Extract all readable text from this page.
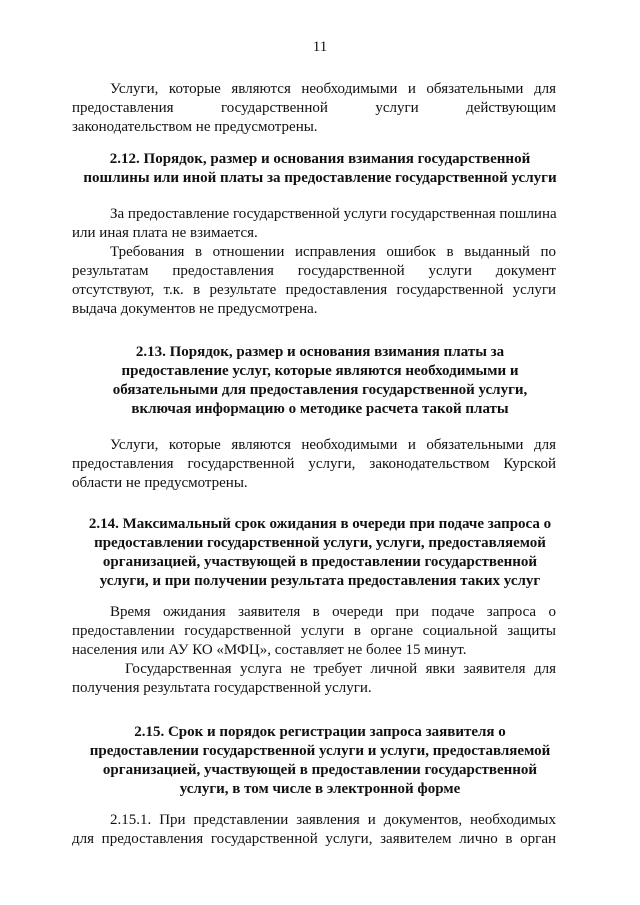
11
Услуги, которые являются необходимыми и обязательными для
предоставления государственной услуги действующим
законодательством не предусмотрены.
2.12. Порядок, размер и основания взимания государственной
пошлины или иной платы за предоставление государственной услуги
За предоставление государственной услуги государственная пошлина
или иная плата не взимается.
Требования в отношении исправления ошибок в выданный по
результатам предоставления государственной услуги документ
отсутствуют, т.к. в результате предоставления государственной услуги
выдача документов не предусмотрена.
2.13. Порядок, размер и основания взимания платы за
предоставление услуг, которые являются необходимыми и
обязательными для предоставления государственной услуги,
включая информацию о методике расчета такой платы
Услуги, которые являются необходимыми и обязательными для
предоставления государственной услуги, законодательством Курской
области не предусмотрены.
2.14. Максимальный срок ожидания в очереди при подаче запроса о
предоставлении государственной услуги, услуги, предоставляемой
организацией, участвующей в предоставлении государственной
услуги, и при получении результата предоставления таких услуг
Время ожидания заявителя в очереди при подаче запроса о
предоставлении государственной услуги в органе социальной защиты
населения или АУ КО «МФЦ», составляет не более 15 минут.
Государственная услуга не требует личной явки заявителя для
получения результата государственной услуги.
2.15. Срок и порядок регистрации запроса заявителя о
предоставлении государственной услуги и услуги, предоставляемой
организацией, участвующей в предоставлении государственной
услуги, в том числе в электронной форме
2.15.1. При представлении заявления и документов, необходимых
для предоставления государственной услуги, заявителем лично в орган
